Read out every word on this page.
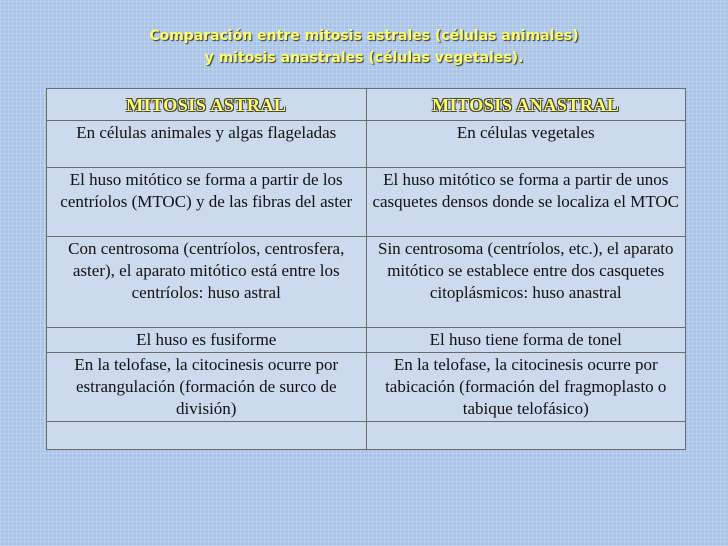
Comparación entre mitosis astrales (células animales)
y mitosis anastrales (células vegetales).
MITOSIS ASTRAL	MITOSIS ANASTRAL
En células animales y algas flageladas	En células vegetales
El huso mitótico se forma a partir de los centríolos (MTOC) y de las fibras del aster	El huso mitótico se forma a partir de unos casquetes densos donde se localiza el MTOC
Con centrosoma (centríolos, centrosfera, aster), el aparato mitótico está entre los centríolos: huso astral	Sin centrosoma (centríolos, etc.), el aparato mitótico se establece entre dos casquetes citoplásmicos: huso anastral
El huso es fusiforme	El huso tiene forma de tonel
En la telofase, la citocinesis ocurre por estrangulación (formación de surco de división)	En la telofase, la citocinesis ocurre por tabicación (formación del fragmoplasto o tabique telofásico)
